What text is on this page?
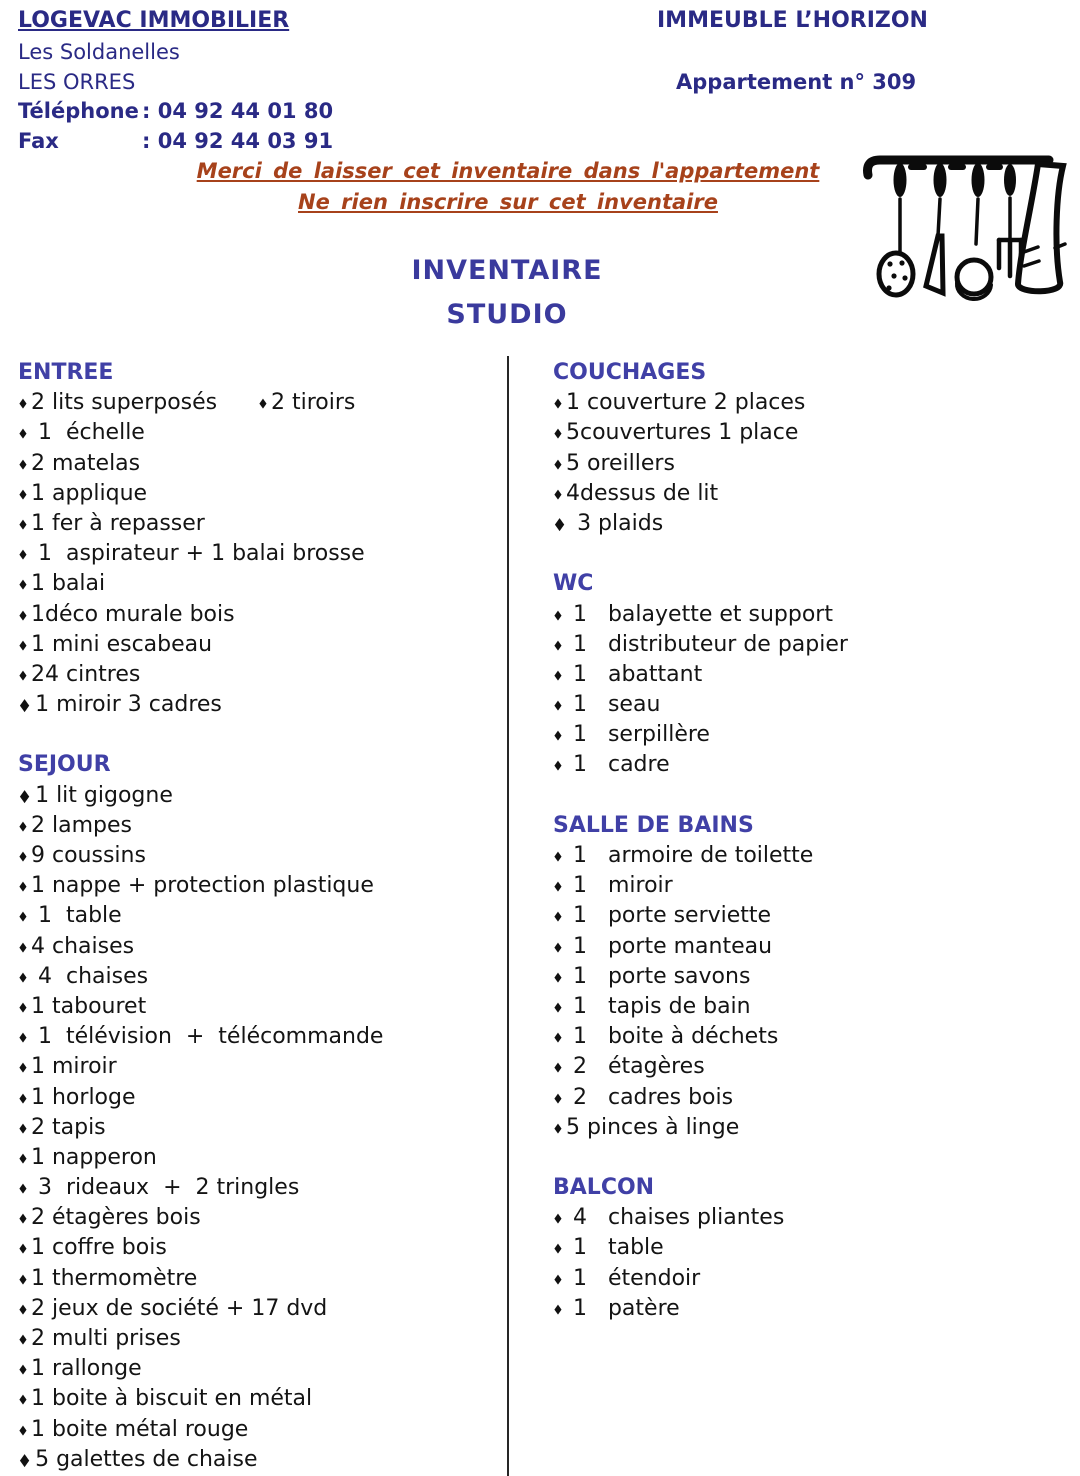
LOGEVAC IMMOBILIER
Les Soldanelles
LES ORRES
Téléphone : 04 92 44 01 80
Fax	: 04 92 44 03 91
IMMEUBLE L’HORIZON
Appartement n° 309
Merci de laisser cet inventaire dans l'appartement
Ne rien inscrire sur cet inventaire
INVENTAIRE
STUDIO
ENTREE
◆ 2 lits superposés	◆ 2 tiroirs
◆ 1  échelle
◆ 2 matelas
◆ 1 applique
◆ 1 fer à repasser
◆ 1  aspirateur + 1 balai brosse
◆ 1 balai
◆ 1déco murale bois
◆ 1 mini escabeau
◆ 24 cintres
◆ 1 miroir 3 cadres
SEJOUR
◆ 1 lit gigogne
◆ 2 lampes
◆ 9 coussins
◆ 1 nappe + protection plastique
◆ 1  table
◆ 4 chaises
◆ 4  chaises
◆ 1 tabouret
◆ 1  télévision  +  télécommande
◆ 1 miroir
◆ 1 horloge
◆ 2 tapis
◆ 1 napperon
◆ 3  rideaux  +  2 tringles
◆ 2 étagères bois
◆ 1 coffre bois
◆ 1 thermomètre
◆ 2 jeux de société + 17 dvd
◆ 2 multi prises
◆ 1 rallonge
◆ 1 boite à biscuit en métal
◆ 1 boite métal rouge
◆ 5 galettes de chaise
COUCHAGES
◆ 1 couverture 2 places
◆ 5couvertures 1 place
◆ 5 oreillers
◆ 4dessus de lit
◆ 3 plaids
WC
◆ 1   balayette et support
◆ 1   distributeur de papier
◆ 1   abattant
◆ 1   seau
◆ 1   serpillère
◆ 1   cadre
SALLE DE BAINS
◆ 1   armoire de toilette
◆ 1   miroir
◆ 1   porte serviette
◆ 1   porte manteau
◆ 1   porte savons
◆ 1   tapis de bain
◆ 1   boite à déchets
◆ 2   étagères
◆ 2   cadres bois
◆ 5 pinces à linge
BALCON
◆ 4   chaises pliantes
◆ 1   table
◆ 1   étendoir
◆ 1   patère
